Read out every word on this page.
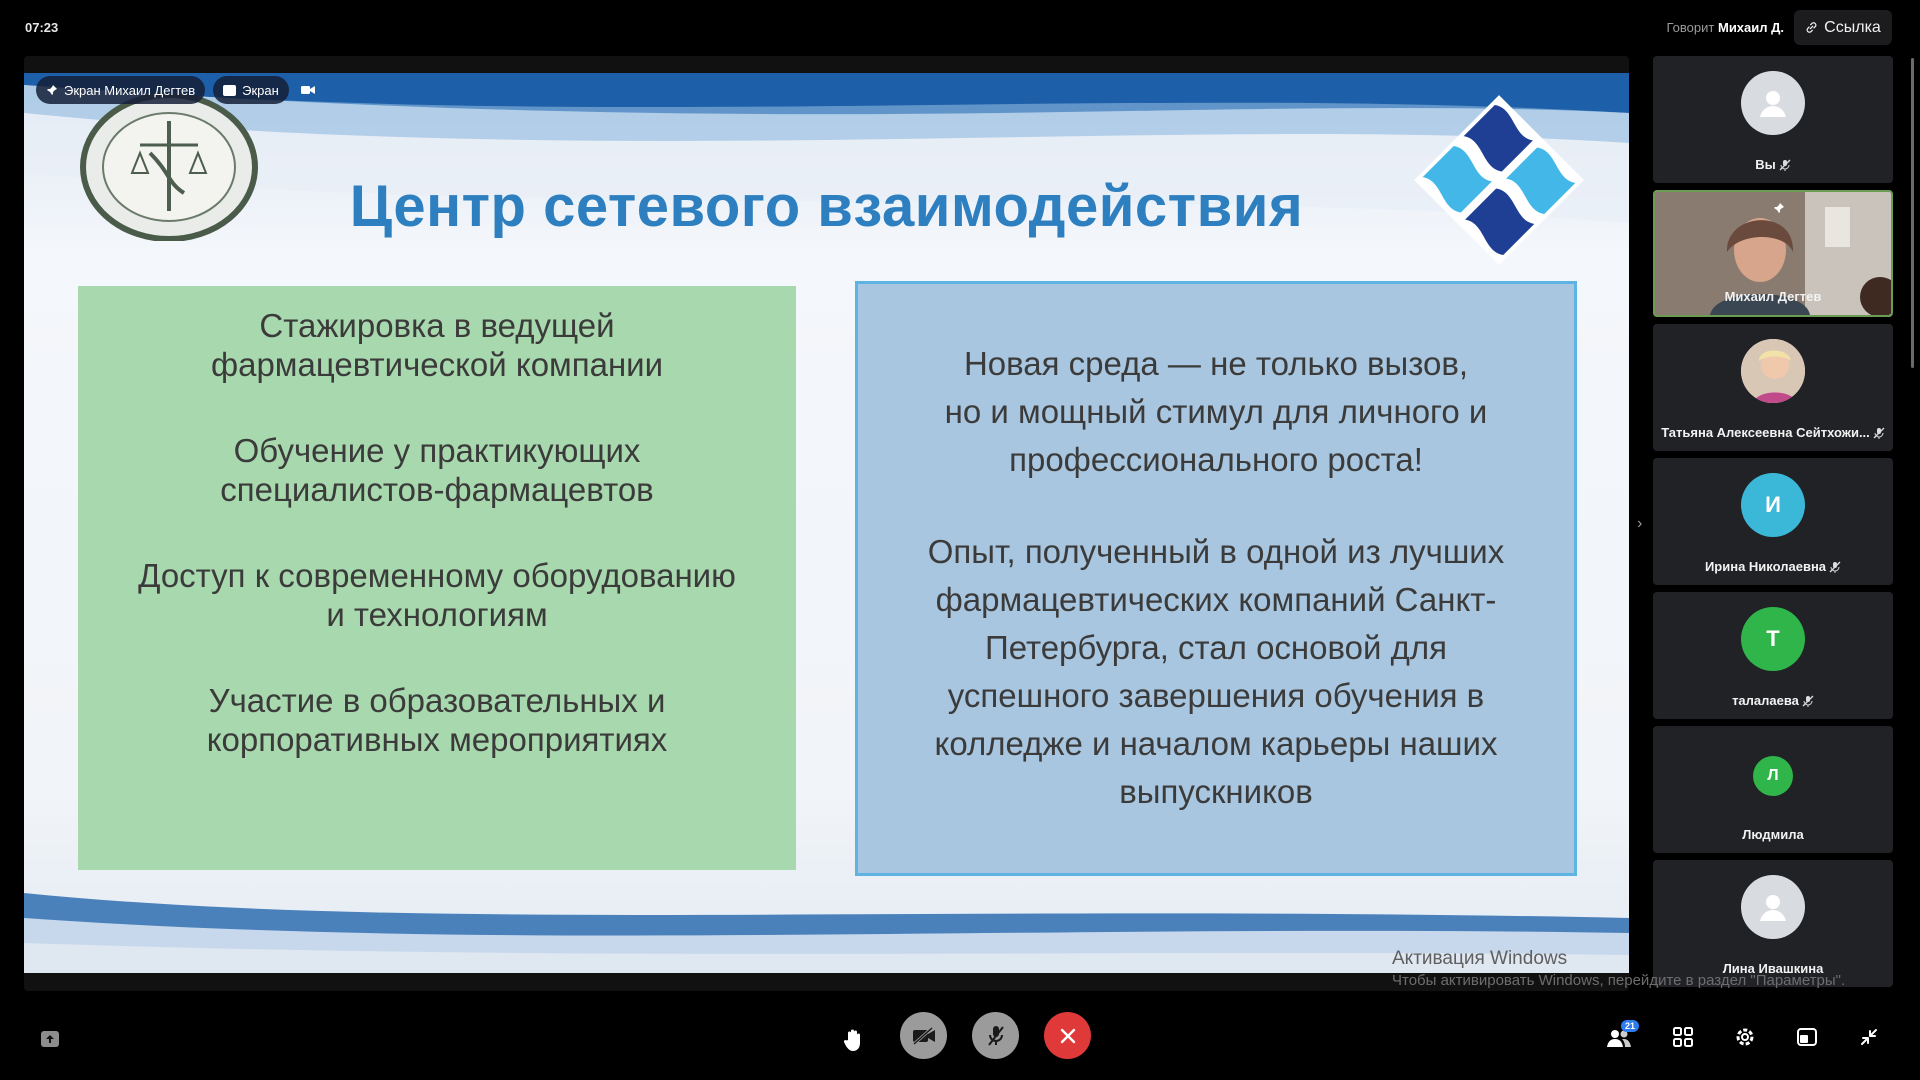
07:23	Говорит Михаил Д.	Ссылка
Центр сетевого взаимодействия
Стажировка в ведущей
фармацевтической компании
Обучение у практикующих
специалистов-фармацевтов
Доступ к современному оборудованию
и технологиям
Участие в образовательных и
корпоративных мероприятиях
Новая среда — не только вызов,
но и мощный стимул для личного и
профессионального роста!
Опыт, полученный в одной из лучших
фармацевтических компаний Санкт-
Петербурга, стал основой для
успешного завершения обучения в
колледже и началом карьеры наших
выпускников
Экран Михаил Дегтев	Экран
›
Вы
Михаил Дегтев
Татьяна Алексеевна Сейтхожи...
И
Ирина Николаевна
Т
талалаева
Л
Людмила
Лина Ивашкина
Активация Windows
Чтобы активировать Windows, перейдите в раздел "Параметры".
21
